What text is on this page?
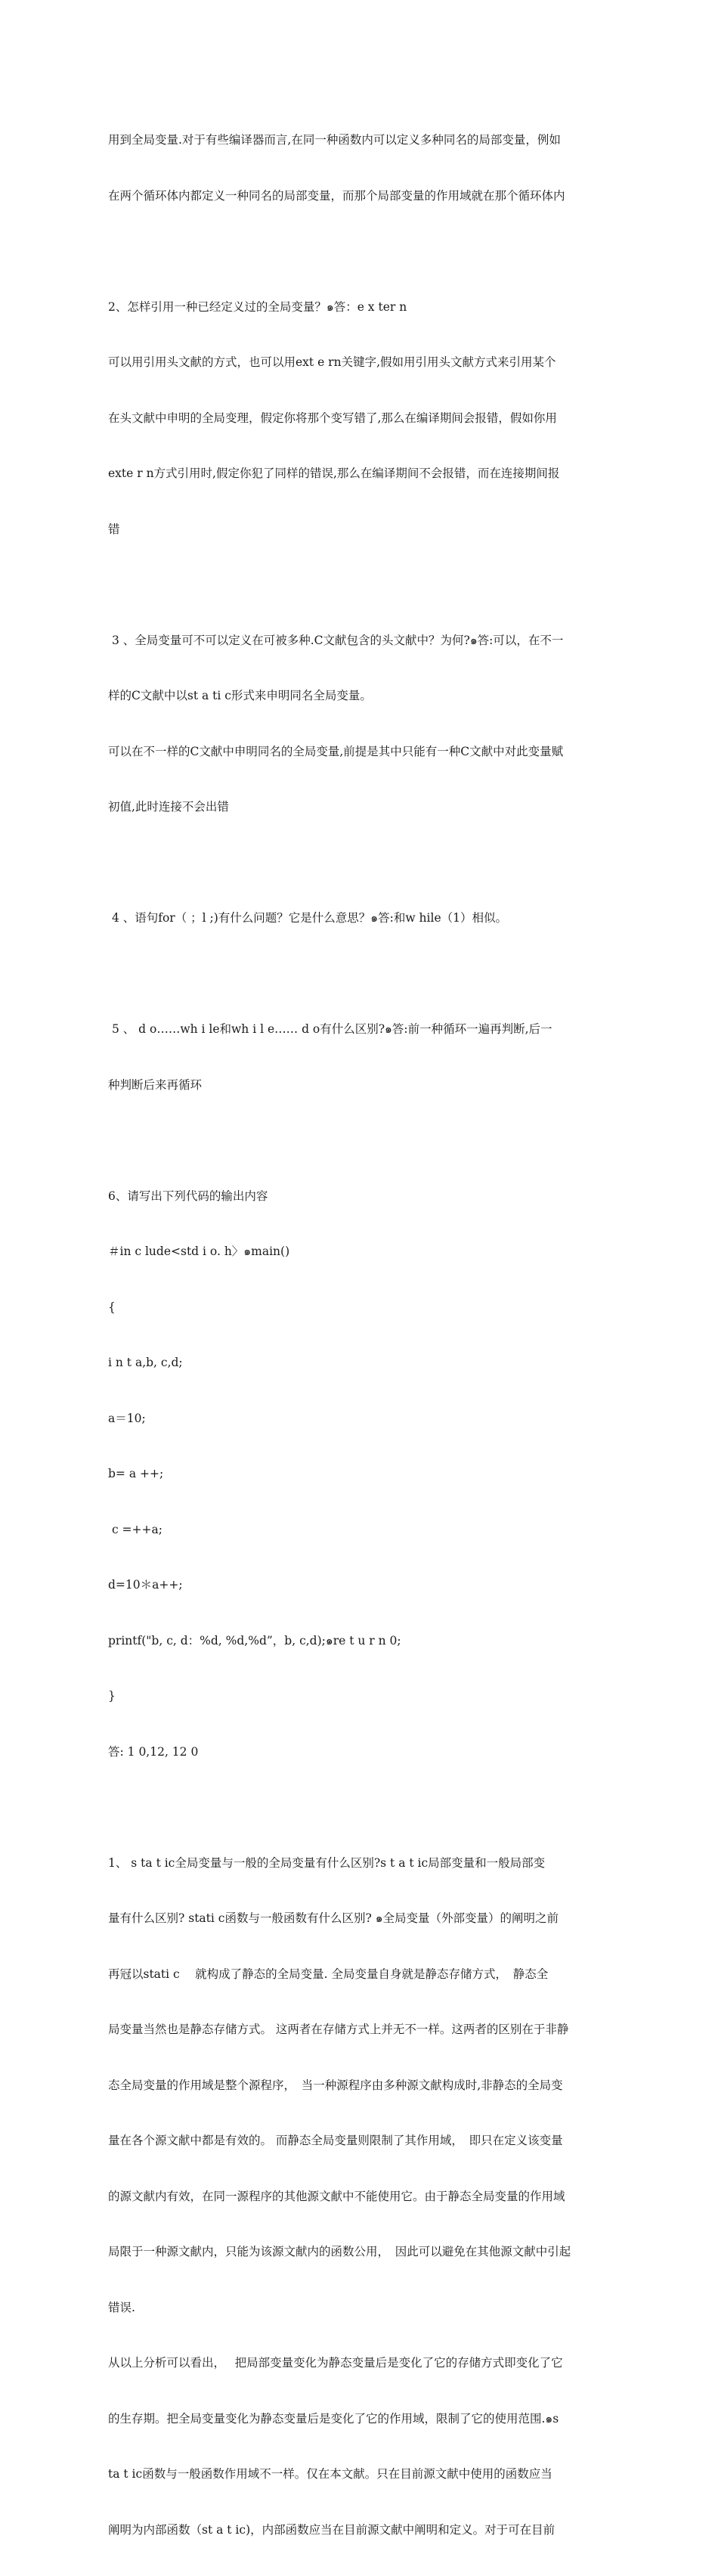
用到全局变量.对于有些编译器而言,在同一种函数内可以定义多种同名的局部变量，例如

在两个循环体内都定义一种同名的局部变量，而那个局部变量的作用域就在那个循环体内

2、怎样引用一种已经定义过的全局变量？๑答：e x ter n

可以用引用头文献的方式，也可以用ext e rn关键字,假如用引用头文献方式来引用某个

在头文献中申明的全局变理，假定你将那个变写错了,那么在编译期间会报错，假如你用

exte r n方式引用时,假定你犯了同样的错误,那么在编译期间不会报错，而在连接期间报

错

3 、全局变量可不可以定义在可被多种.C文献包含的头文献中？为何?๑答:可以，在不一

样的C文献中以st a ti c形式来申明同名全局变量。

可以在不一样的C文献中申明同名的全局变量,前提是其中只能有一种C文献中对此变量赋

初值,此时连接不会出错

4 、语句for（ ；l ;)有什么问题？它是什么意思？๑答:和w hile（1）相似。

5 、 d o……wh i le和wh i l e…… d o有什么区别?๑答:前一种循环一遍再判断,后一

种判断后来再循环

6、请写出下列代码的输出内容

＃in c lude<std i o. h〉๑main()

{

i n t a,b, c,d;

a＝10;

b= a ++;

c =++a;

d=10＊a++;

printf("b, c, d：%d, %d,%d”，b, c,d);๑re t u r n 0;

}

答: 1 0,12, 12 0

1、 s ta t ic全局变量与一般的全局变量有什么区别?s t a t ic局部变量和一般局部变

量有什么区别? stati c函数与一般函数有什么区别? ๑全局变量（外部变量）的阐明之前

再冠以stati c　 就构成了静态的全局变量. 全局变量自身就是静态存储方式，　静态全

局变量当然也是静态存储方式。 这两者在存储方式上并无不一样。这两者的区别在于非静

态全局变量的作用域是整个源程序，　当一种源程序由多种源文献构成时,非静态的全局变

量在各个源文献中都是有效的。 而静态全局变量则限制了其作用域，　即只在定义该变量

的源文献内有效，在同一源程序的其他源文献中不能使用它。由于静态全局变量的作用域

局限于一种源文献内，只能为该源文献内的函数公用，　因此可以避免在其他源文献中引起

错误.

从以上分析可以看出，　 把局部变量变化为静态变量后是变化了它的存储方式即变化了它

的生存期。把全局变量变化为静态变量后是变化了它的作用域，限制了它的使用范围.๑s

ta t ic函数与一般函数作用域不一样。仅在本文献。只在目前源文献中使用的函数应当

阐明为内部函数（st a t ic)，内部函数应当在目前源文献中阐明和定义。对于可在目前
